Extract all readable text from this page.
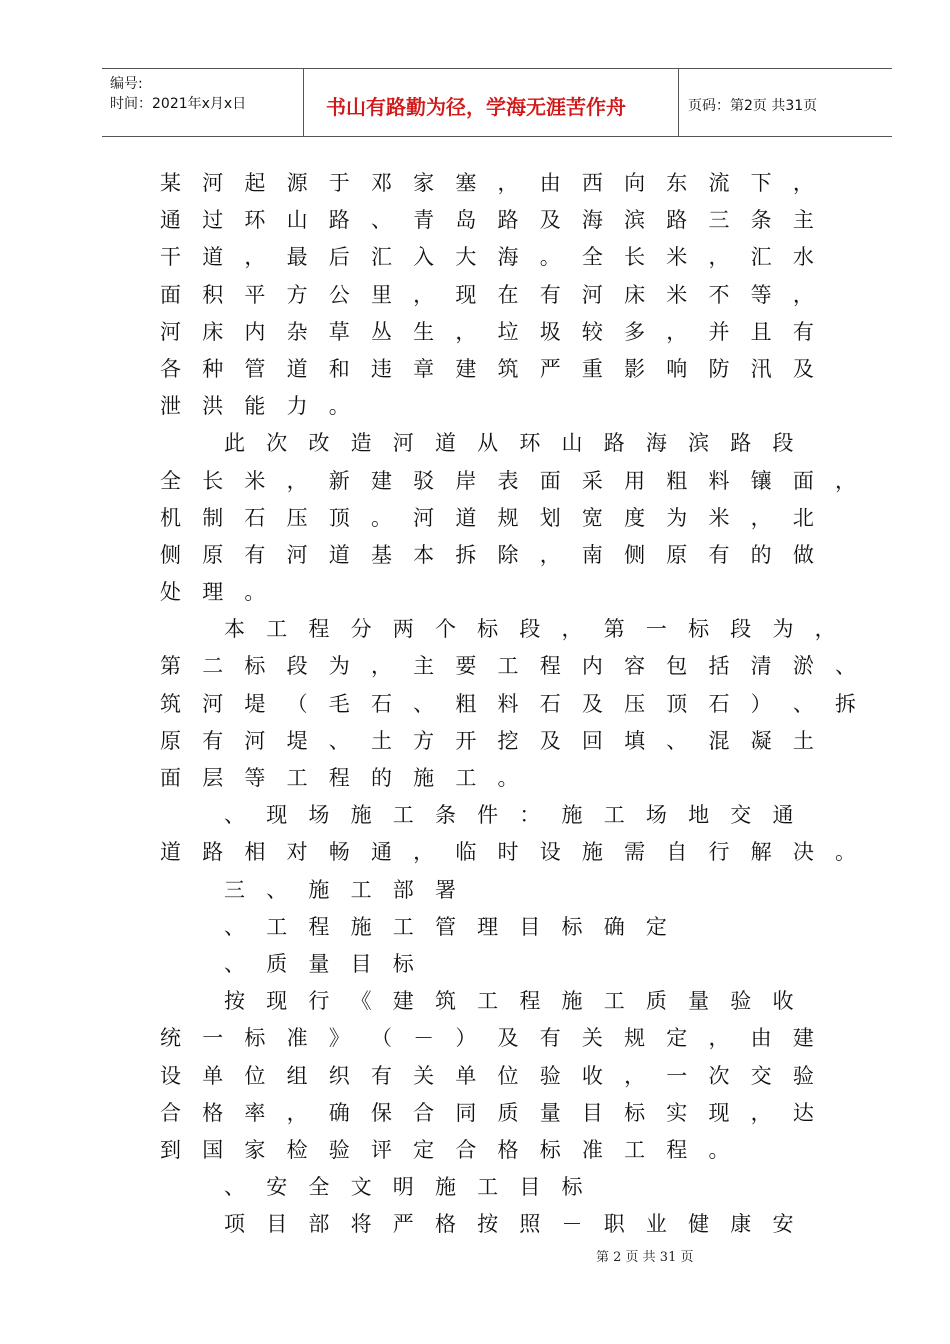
编号:
时间：2021年x月x日	书山有路勤为径，学海无涯苦作舟	页码：第2页 共31页
某 河 起 源 于 邓 家 塞 ， 由 西 向 东 流 下 ，
通 过 环 山 路 、 青 岛 路 及 海 滨 路 三 条 主
干 道 ， 最 后 汇 入 大 海 。 全 长 米 ， 汇 水
面 积 平 方 公 里 ， 现 在 有 河 床 米 不 等 ，
河 床 内 杂 草 丛 生 ， 垃 圾 较 多 ， 并 且 有
各 种 管 道 和 违 章 建 筑 严 重 影 响 防 汛 及
泄 洪 能 力 。
此 次 改 造 河 道 从 环 山 路 海 滨 路 段
全 长 米 ， 新 建 驳 岸 表 面 采 用 粗 料 镶 面 ，
机 制 石 压 顶 。 河 道 规 划 宽 度 为 米 ， 北
侧 原 有 河 道 基 本 拆 除 ， 南 侧 原 有 的 做
处 理 。
本 工 程 分 两 个 标 段 ， 第 一 标 段 为 ，
第 二 标 段 为 ， 主 要 工 程 内 容 包 括 清 淤 、
筑 河 堤 （ 毛 石 、 粗 料 石 及 压 顶 石 ） 、 拆
原 有 河 堤 、 土 方 开 挖 及 回 填 、 混 凝 土
面 层 等 工 程 的 施 工 。
、 现 场 施 工 条 件 ： 施 工 场 地 交 通
道 路 相 对 畅 通 ， 临 时 设 施 需 自 行 解 决 。
三 、 施 工 部 署
、 工 程 施 工 管 理 目 标 确 定
、 质 量 目 标
按 现 行 《 建 筑 工 程 施 工 质 量 验 收
统 一 标 准 》 （ － ） 及 有 关 规 定 ， 由 建
设 单 位 组 织 有 关 单 位 验 收 ， 一 次 交 验
合 格 率 ， 确 保 合 同 质 量 目 标 实 现 ， 达
到 国 家 检 验 评 定 合 格 标 准 工 程 。
、 安 全 文 明 施 工 目 标
项 目 部 将 严 格 按 照 － 职 业 健 康 安
第 2 页 共 31 页
